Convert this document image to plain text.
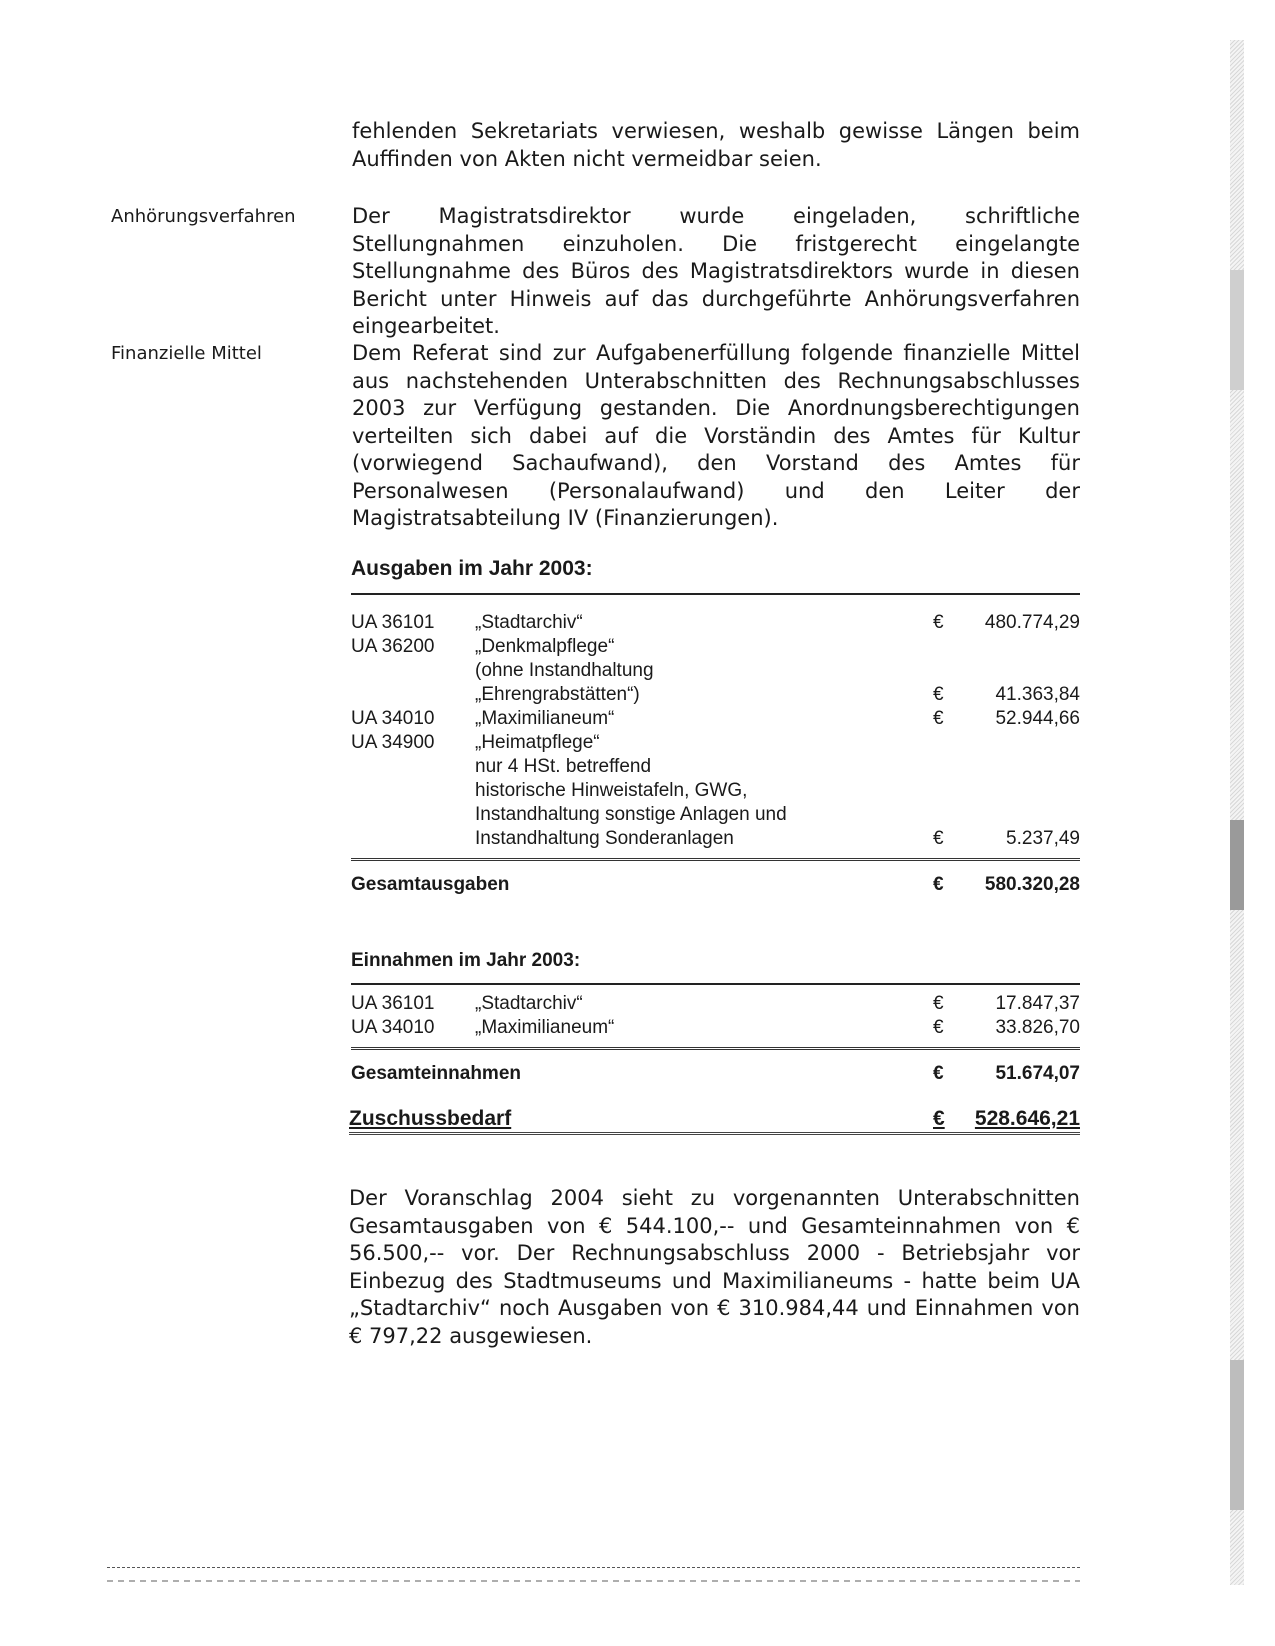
fehlenden Sekretariats verwiesen, weshalb gewisse Längen beim Auffinden von Akten nicht vermeidbar seien.

Anhörungsverfahren	Der Magistratsdirektor wurde eingeladen, schriftliche Stellungnahmen einzuholen. Die fristgerecht eingelangte Stellungnahme des Büros des Magistratsdirektors wurde in diesen Bericht unter Hinweis auf das durchgeführte Anhörungsverfahren eingearbeitet.

Finanzielle Mittel	Dem Referat sind zur Aufgabenerfüllung folgende finanzielle Mittel aus nachstehenden Unterabschnitten des Rechnungsabschlusses 2003 zur Verfügung gestanden. Die Anordnungsberechtigungen verteilten sich dabei auf die Vorständin des Amtes für Kultur (vorwiegend Sachaufwand), den Vorstand des Amtes für Personalwesen (Personalaufwand) und den Leiter der Magistratsabteilung IV (Finanzierungen).

Ausgaben im Jahr 2003:
UA 36101 „Stadtarchiv“	€ 480.774,29
UA 36200 „Denkmalpflege“
(ohne Instandhaltung
„Ehrengrabstätten“)	€	41.363,84
UA 34010 „Maximilianeum“	€	52.944,66
UA 34900 „Heimatpflege“
nur 4 HSt. betreffend
historische Hinweistafeln, GWG,
Instandhaltung sonstige Anlagen und
Instandhaltung Sonderanlagen	€	5.237,49
Gesamtausgaben	€ 580.320,28
Einnahmen im Jahr 2003:
UA 36101 „Stadtarchiv“	€	17.847,37
UA 34010 „Maximilianeum“	€	33.826,70
Gesamteinnahmen	€	51.674,07
Zuschussbedarf	€ 528.646,21

Der Voranschlag 2004 sieht zu vorgenannten Unterabschnitten Gesamtausgaben von € 544.100,-- und Gesamteinnahmen von € 56.500,-- vor. Der Rechnungsabschluss 2000 - Betriebsjahr vor Einbezug des Stadtmuseums und Maximilianeums - hatte beim UA „Stadtarchiv“ noch Ausgaben von € 310.984,44 und Einnahmen von € 797,22 ausgewiesen.
